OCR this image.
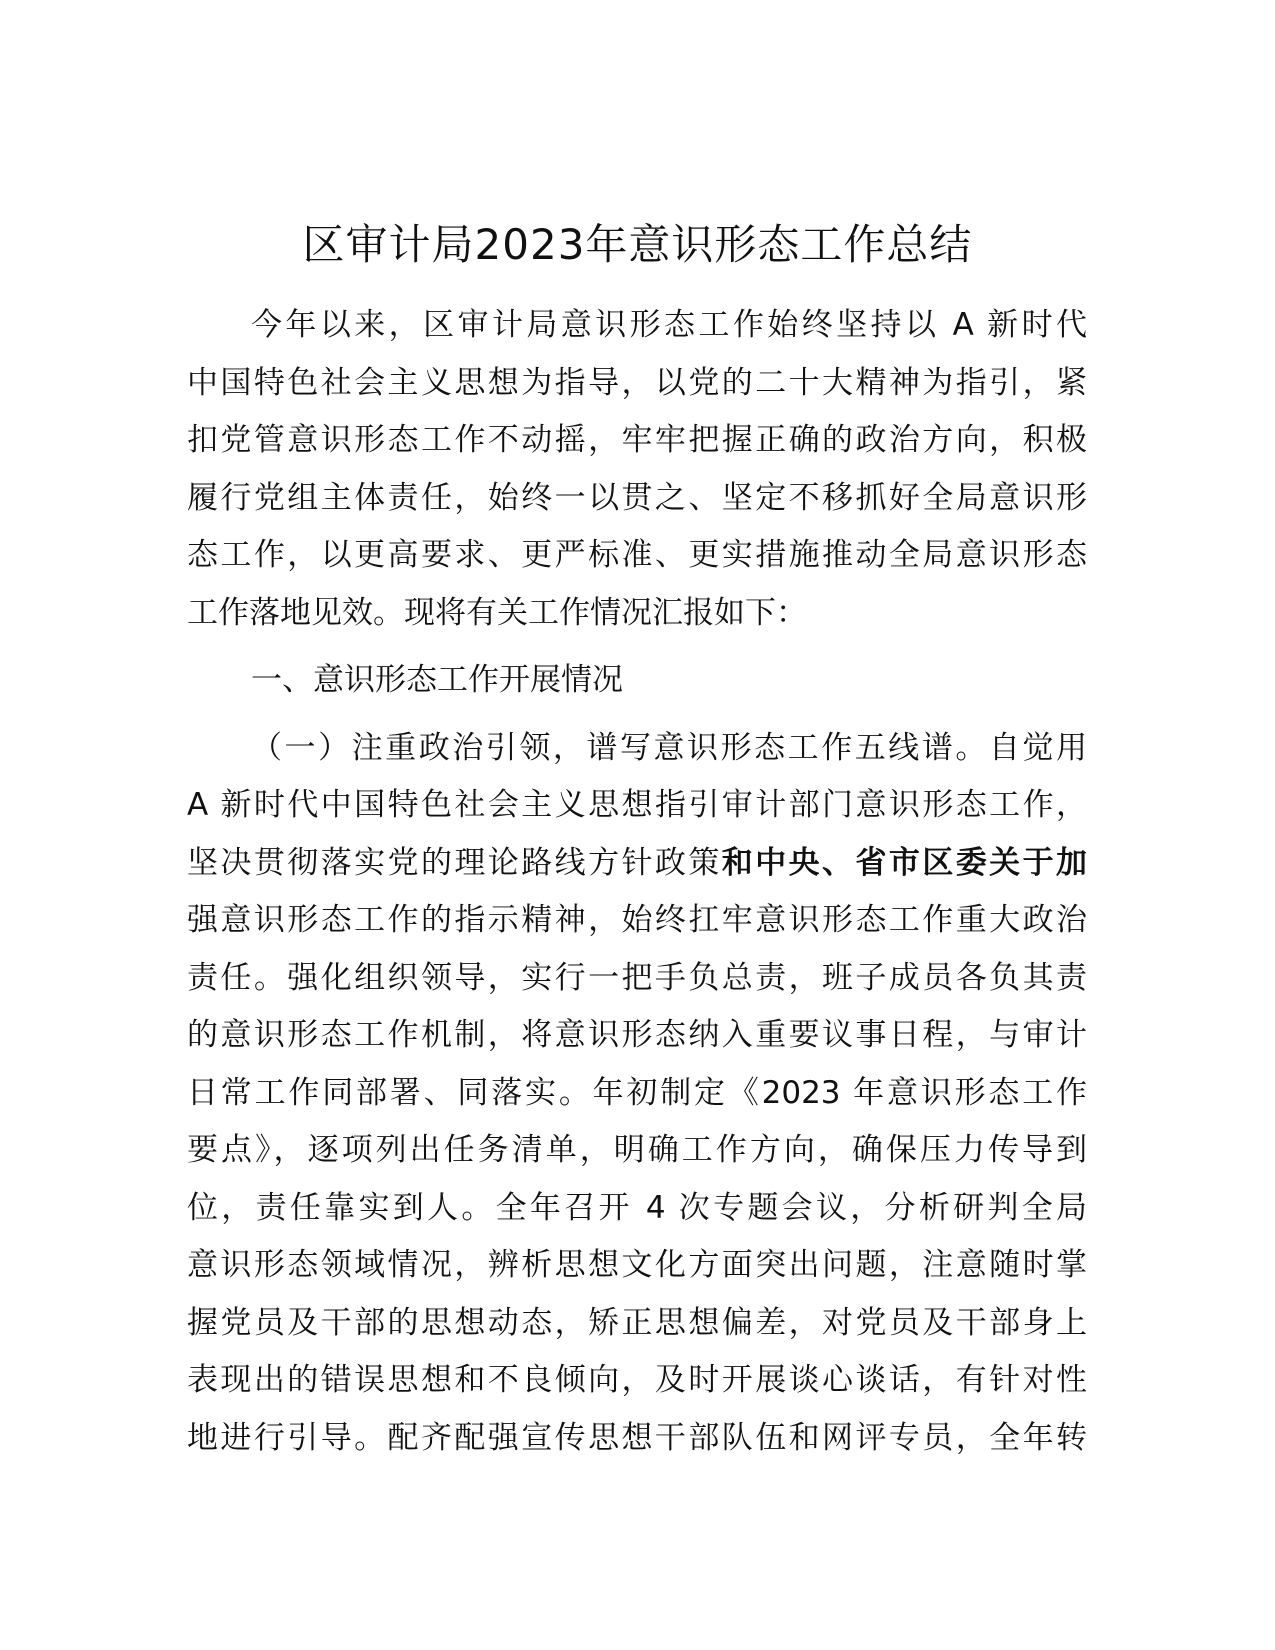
区审计局2023年意识形态工作总结
今年以来，区审计局意识形态工作始终坚持以 A 新时代
中国特色社会主义思想为指导，以党的二十大精神为指引，紧
扣党管意识形态工作不动摇，牢牢把握正确的政治方向，积极
履行党组主体责任，始终一以贯之、坚定不移抓好全局意识形
态工作，以更高要求、更严标准、更实措施推动全局意识形态
工作落地见效。现将有关工作情况汇报如下：
一、意识形态工作开展情况
（一）注重政治引领，谱写意识形态工作五线谱。自觉用
A 新时代中国特色社会主义思想指引审计部门意识形态工作，
坚决贯彻落实党的理论路线方针政策和中央、省市区委关于加
强意识形态工作的指示精神，始终扛牢意识形态工作重大政治
责任。强化组织领导，实行一把手负总责，班子成员各负其责
的意识形态工作机制，将意识形态纳入重要议事日程，与审计
日常工作同部署、同落实。年初制定《2023 年意识形态工作
要点》，逐项列出任务清单，明确工作方向，确保压力传导到
位，责任靠实到人。全年召开 4 次专题会议，分析研判全局
意识形态领域情况，辨析思想文化方面突出问题，注意随时掌
握党员及干部的思想动态，矫正思想偏差，对党员及干部身上
表现出的错误思想和不良倾向，及时开展谈心谈话，有针对性
地进行引导。配齐配强宣传思想干部队伍和网评专员，全年转
